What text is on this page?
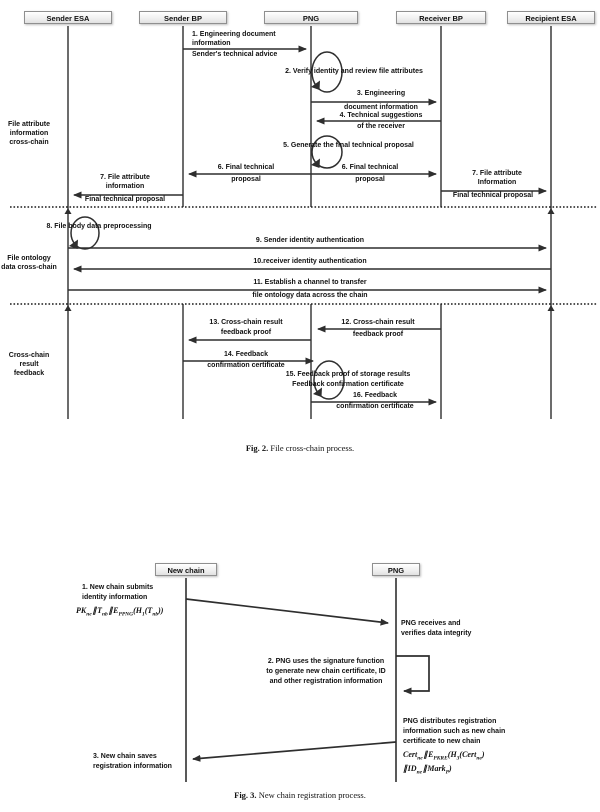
Sender ESA	Sender BP	PNG	Receiver BP	Recipient ESA
File attribute
information
cross-chain
File ontology
data cross-chain
Cross-chain
result
feedback
1. Engineering document
information
Sender's technical advice
2. Verify identity and review file attributes
3. Engineering
document information
4. Technical suggestions
of the receiver
5. Generate the final technical proposal
6. Final technical
proposal
6. Final technical
proposal
7. File attribute
information
Final technical proposal
7. File attribute
Information
Final technical proposal
8. File body data preprocessing
9. Sender identity authentication
10.receiver identity authentication
11. Establish a channel to transfer
file ontology data across the chain
12. Cross-chain result
feedback proof
13. Cross-chain result
feedback proof
14. Feedback
confirmation certificate
15. Feedback proof of storage results
Feedback confirmation certificate
16. Feedback
confirmation certificate
Fig. 2. File cross-chain process.
New chain	PNG
1. New chain submits
identity information
$PK_{ne}$ ∥ $T_{nb}$ ∥ $E_{PPNG}(H_1(T_{nb}))$
PNG receives and
verifies data integrity
2. PNG uses the signature function
to generate new chain certificate, ID
and other registration information
PNG distributes registration
information such as new chain
certificate to new chain
Cert$_{ne}$ ∥ $E_{PKRE}(H_3(Cert_{ne})$
∥ $ID_{ne}$ ∥ Mark$_P$)
3. New chain saves
registration information
Fig. 3. New chain registration process.
